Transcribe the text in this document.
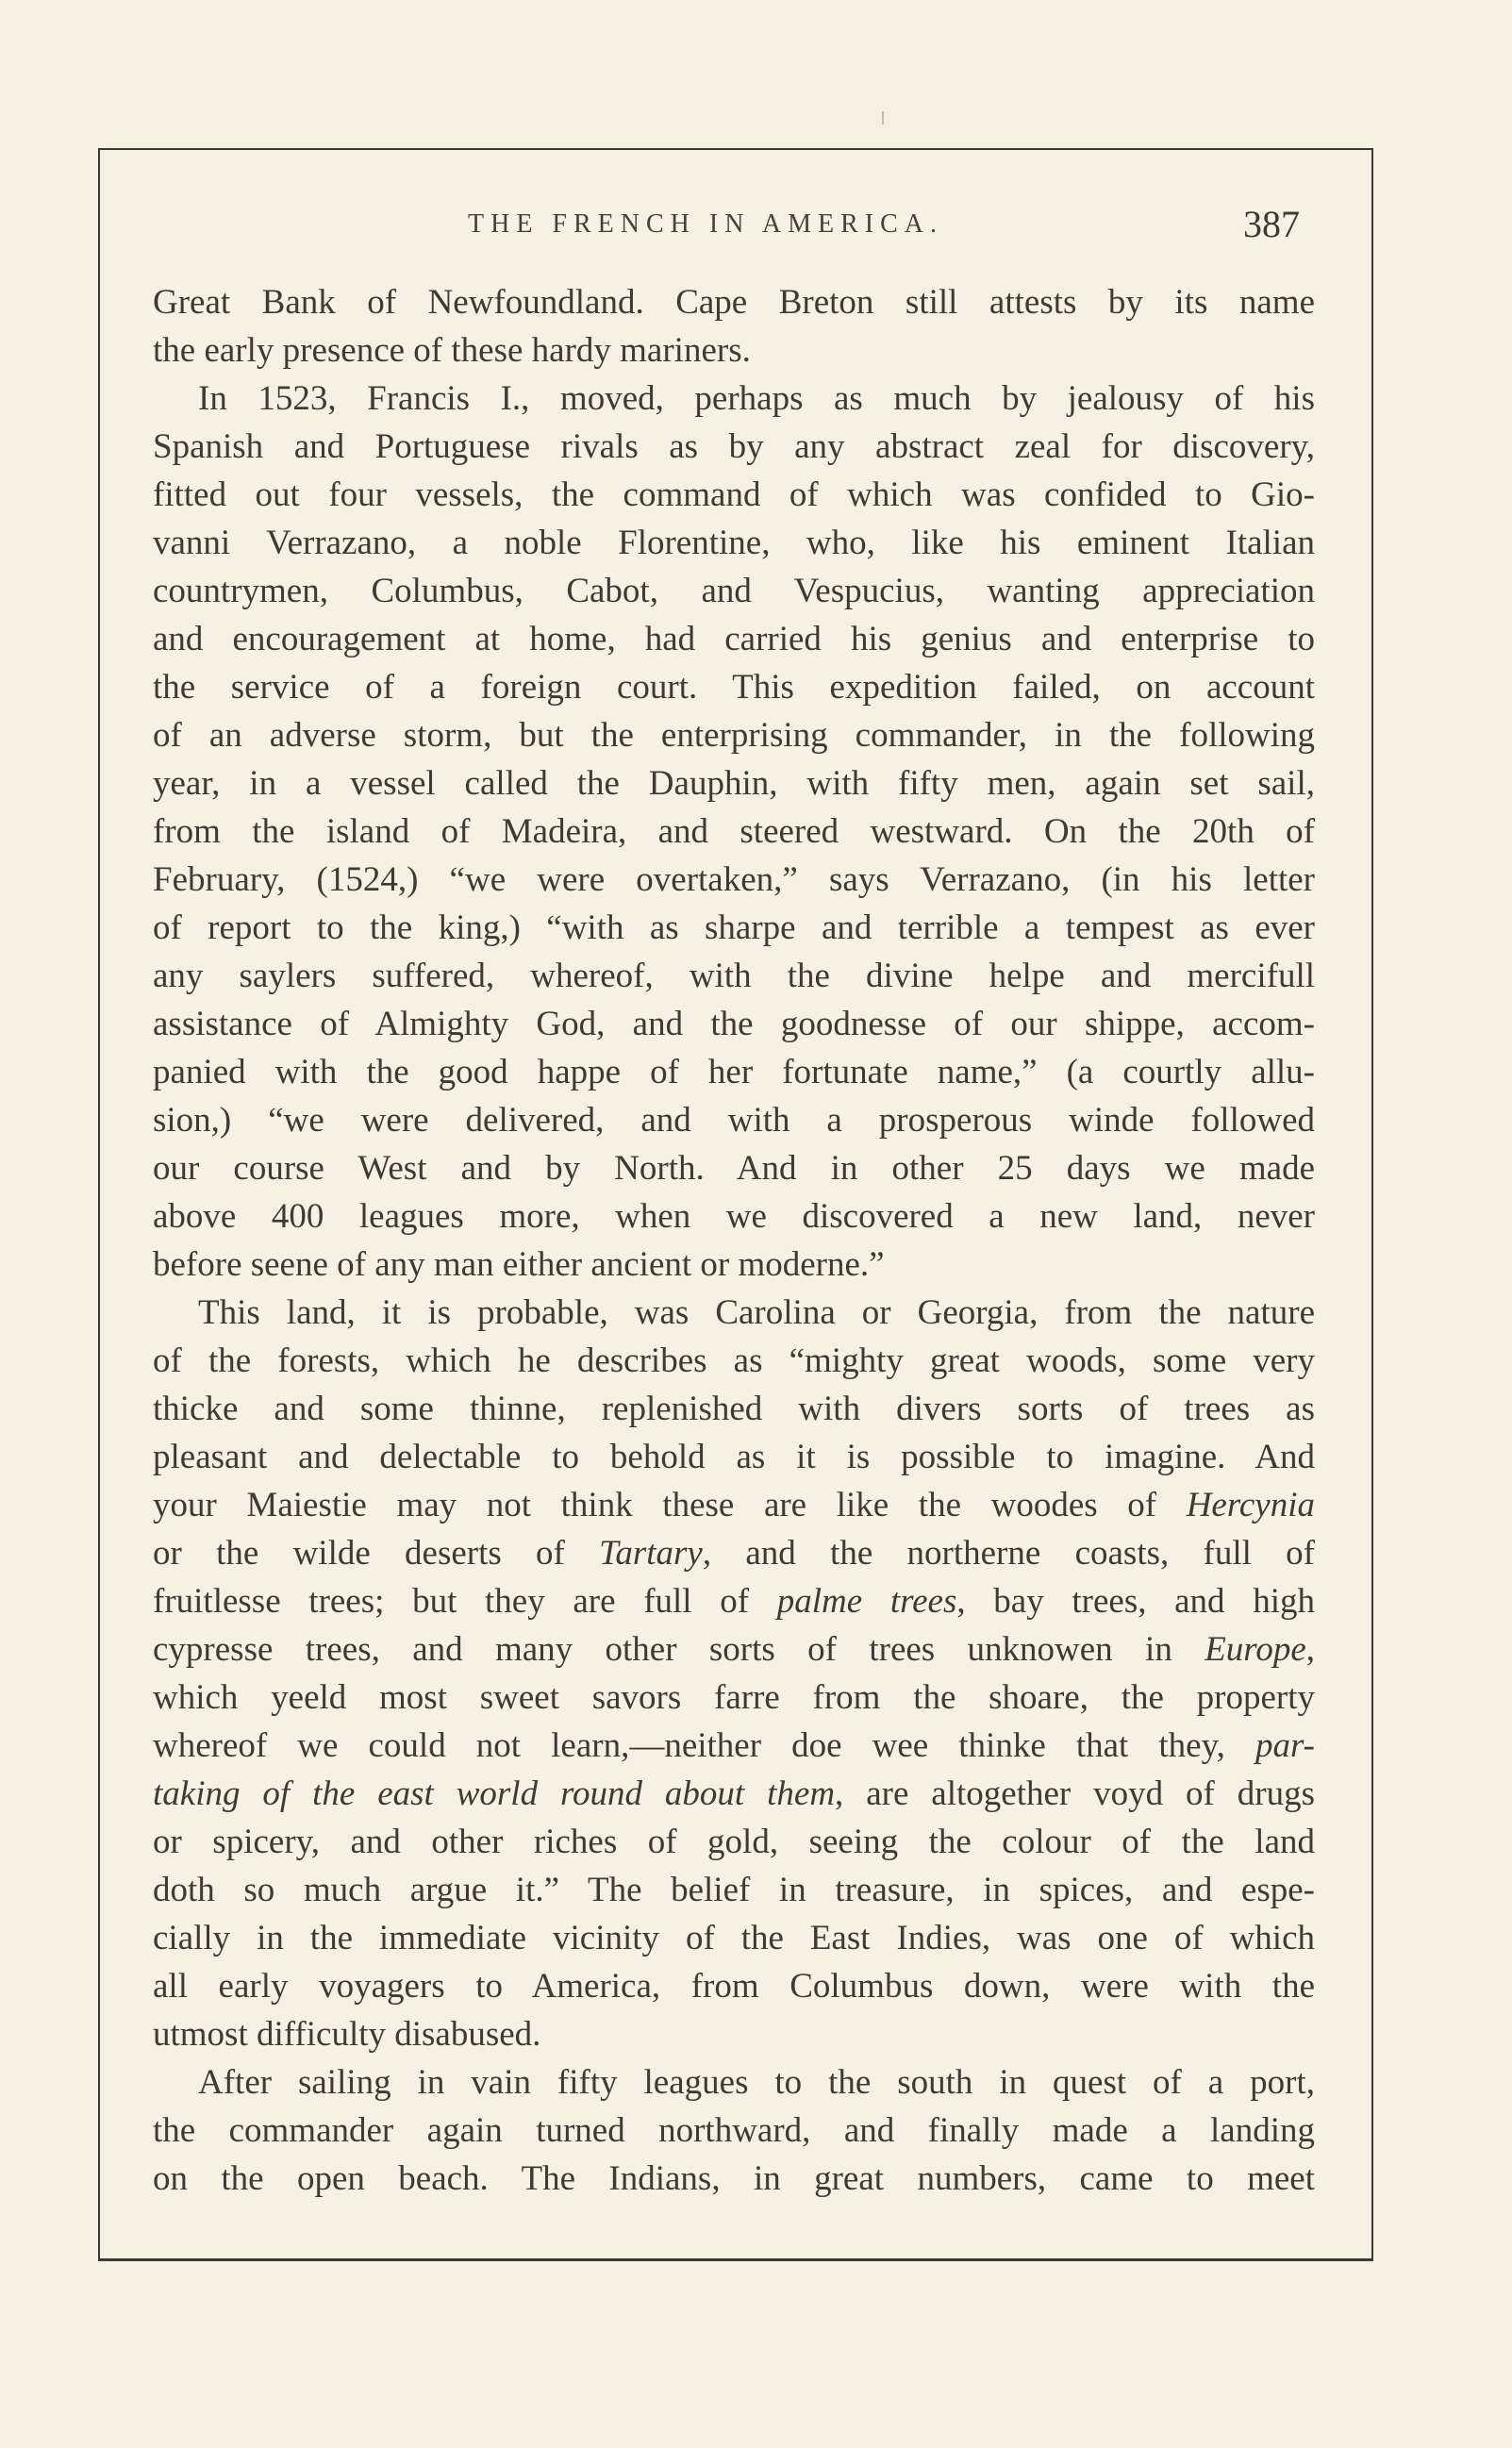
THE FRENCH IN AMERICA.	387
Great Bank of Newfoundland. Cape Breton still attests by its name
the early presence of these hardy mariners.
In 1523, Francis I., moved, perhaps as much by jealousy of his
Spanish and Portuguese rivals as by any abstract zeal for discovery,
fitted out four vessels, the command of which was confided to Gio-
vanni Verrazano, a noble Florentine, who, like his eminent Italian
countrymen, Columbus, Cabot, and Vespucius, wanting appreciation
and encouragement at home, had carried his genius and enterprise to
the service of a foreign court. This expedition failed, on account
of an adverse storm, but the enterprising commander, in the following
year, in a vessel called the Dauphin, with fifty men, again set sail,
from the island of Madeira, and steered westward. On the 20th of
February, (1524,) “we were overtaken,” says Verrazano, (in his letter
of report to the king,) “with as sharpe and terrible a tempest as ever
any saylers suffered, whereof, with the divine helpe and mercifull
assistance of Almighty God, and the goodnesse of our shippe, accom-
panied with the good happe of her fortunate name,” (a courtly allu-
sion,) “we were delivered, and with a prosperous winde followed
our course West and by North. And in other 25 days we made
above 400 leagues more, when we discovered a new land, never
before seene of any man either ancient or moderne.”
This land, it is probable, was Carolina or Georgia, from the nature
of the forests, which he describes as “mighty great woods, some very
thicke and some thinne, replenished with divers sorts of trees as
pleasant and delectable to behold as it is possible to imagine. And
your Maiestie may not think these are like the woodes of Hercynia
or the wilde deserts of Tartary, and the northerne coasts, full of
fruitlesse trees; but they are full of palme trees, bay trees, and high
cypresse trees, and many other sorts of trees unknowen in Europe,
which yeeld most sweet savors farre from the shoare, the property
whereof we could not learn,—neither doe wee thinke that they, par-
taking of the east world round about them, are altogether voyd of drugs
or spicery, and other riches of gold, seeing the colour of the land
doth so much argue it.” The belief in treasure, in spices, and espe-
cially in the immediate vicinity of the East Indies, was one of which
all early voyagers to America, from Columbus down, were with the
utmost difficulty disabused.
After sailing in vain fifty leagues to the south in quest of a port,
the commander again turned northward, and finally made a landing
on the open beach. The Indians, in great numbers, came to meet
